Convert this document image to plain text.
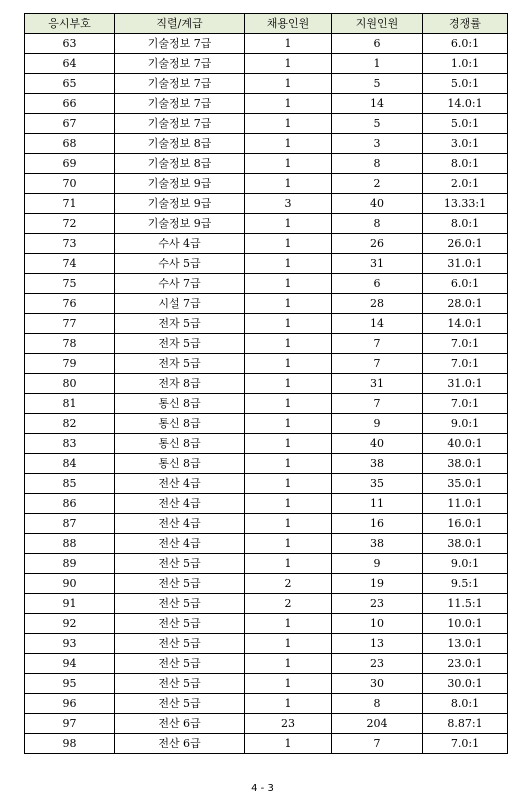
응시부호	직렬/계급	채용인원	지원인원	경쟁률
63	기술정보 7급	1	6	6.0:1
64	기술정보 7급	1	1	1.0:1
65	기술정보 7급	1	5	5.0:1
66	기술정보 7급	1	14	14.0:1
67	기술정보 7급	1	5	5.0:1
68	기술정보 8급	1	3	3.0:1
69	기술정보 8급	1	8	8.0:1
70	기술정보 9급	1	2	2.0:1
71	기술정보 9급	3	40	13.33:1
72	기술정보 9급	1	8	8.0:1
73	수사 4급	1	26	26.0:1
74	수사 5급	1	31	31.0:1
75	수사 7급	1	6	6.0:1
76	시설 7급	1	28	28.0:1
77	전자 5급	1	14	14.0:1
78	전자 5급	1	7	7.0:1
79	전자 5급	1	7	7.0:1
80	전자 8급	1	31	31.0:1
81	통신 8급	1	7	7.0:1
82	통신 8급	1	9	9.0:1
83	통신 8급	1	40	40.0:1
84	통신 8급	1	38	38.0:1
85	전산 4급	1	35	35.0:1
86	전산 4급	1	11	11.0:1
87	전산 4급	1	16	16.0:1
88	전산 4급	1	38	38.0:1
89	전산 5급	1	9	9.0:1
90	전산 5급	2	19	9.5:1
91	전산 5급	2	23	11.5:1
92	전산 5급	1	10	10.0:1
93	전산 5급	1	13	13.0:1
94	전산 5급	1	23	23.0:1
95	전산 5급	1	30	30.0:1
96	전산 5급	1	8	8.0:1
97	전산 6급	23	204	8.87:1
98	전산 6급	1	7	7.0:1
4 - 3
